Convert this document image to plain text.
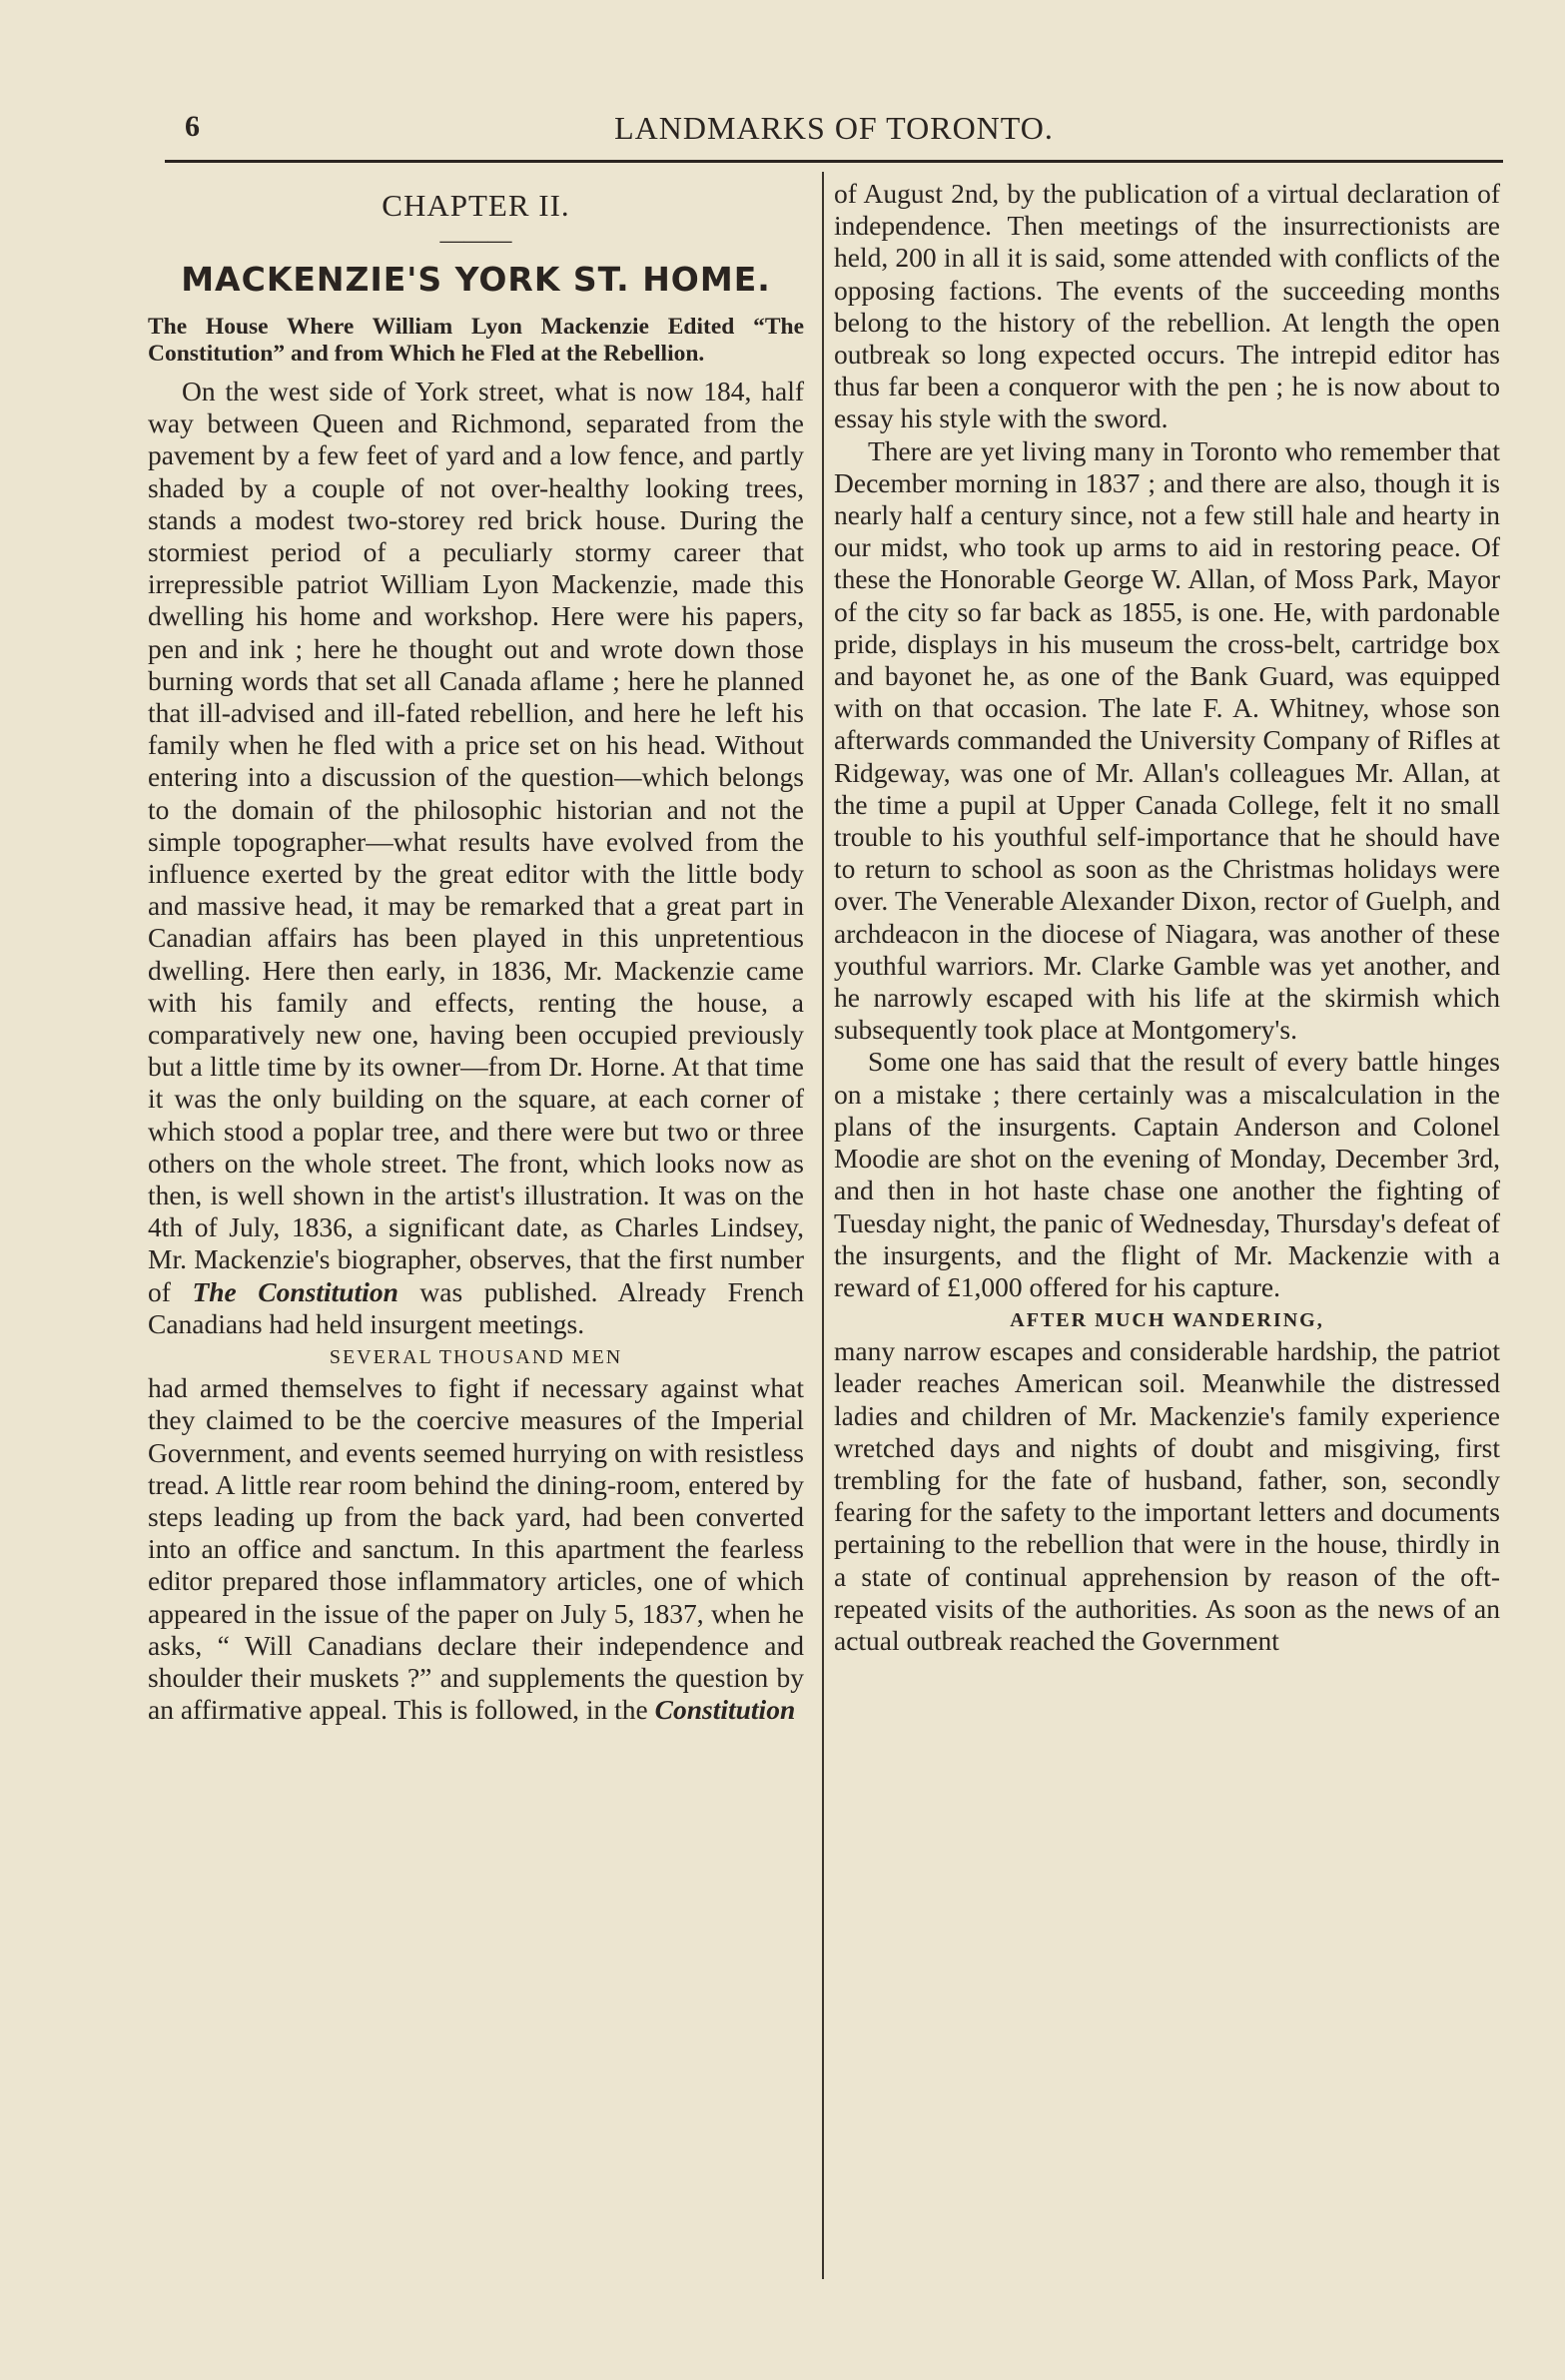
6	LANDMARKS OF TORONTO.

CHAPTER II.

———

MACKENZIE'S YORK ST. HOME.

The House Where William Lyon Mackenzie Edited “The Constitution” and from Which he Fled at the Rebellion.

On the west side of York street, what is now 184, half way between Queen and Richmond, separated from the pavement by a few feet of yard and a low fence, and partly shaded by a couple of not over-healthy looking trees, stands a modest two-storey red brick house. During the stormiest period of a peculiarly stormy career that irrepressible patriot William Lyon Mackenzie, made this dwelling his home and workshop. Here were his papers, pen and ink ; here he thought out and wrote down those burning words that set all Canada aflame ; here he planned that ill-advised and ill-fated rebellion, and here he left his family when he fled with a price set on his head. Without entering into a discussion of the question—which belongs to the domain of the philosophic historian and not the simple topographer—what results have evolved from the influence exerted by the great editor with the little body and massive head, it may be remarked that a great part in Canadian affairs has been played in this unpretentious dwelling. Here then early, in 1836, Mr. Mackenzie came with his family and effects, renting the house, a comparatively new one, having been occupied previously but a little time by its owner—from Dr. Horne. At that time it was the only building on the square, at each corner of which stood a poplar tree, and there were but two or three others on the whole street. The front, which looks now as then, is well shown in the artist's illustration. It was on the 4th of July, 1836, a significant date, as Charles Lindsey, Mr. Mackenzie's biographer, observes, that the first number of The Constitution was published. Already French Canadians had held insurgent meetings.

SEVERAL THOUSAND MEN

had armed themselves to fight if necessary against what they claimed to be the coercive measures of the Imperial Government, and events seemed hurrying on with resistless tread. A little rear room behind the dining-room, entered by steps leading up from the back yard, had been converted into an office and sanctum. In this apartment the fearless editor prepared those inflammatory articles, one of which appeared in the issue of the paper on July 5, 1837, when he asks, “ Will Canadians declare their independence and shoulder their muskets ?” and supplements the question by an affirmative appeal. This is followed, in the Constitution

of August 2nd, by the publication of a virtual declaration of independence. Then meetings of the insurrectionists are held, 200 in all it is said, some attended with conflicts of the opposing factions. The events of the succeeding months belong to the history of the rebellion. At length the open outbreak so long expected occurs. The intrepid editor has thus far been a conqueror with the pen ; he is now about to essay his style with the sword.

There are yet living many in Toronto who remember that December morning in 1837 ; and there are also, though it is nearly half a century since, not a few still hale and hearty in our midst, who took up arms to aid in restoring peace. Of these the Honorable George W. Allan, of Moss Park, Mayor of the city so far back as 1855, is one. He, with pardonable pride, displays in his museum the cross-belt, cartridge box and bayonet he, as one of the Bank Guard, was equipped with on that occasion. The late F. A. Whitney, whose son afterwards commanded the University Company of Rifles at Ridgeway, was one of Mr. Allan's colleagues Mr. Allan, at the time a pupil at Upper Canada College, felt it no small trouble to his youthful self-importance that he should have to return to school as soon as the Christmas holidays were over. The Venerable Alexander Dixon, rector of Guelph, and archdeacon in the diocese of Niagara, was another of these youthful warriors. Mr. Clarke Gamble was yet another, and he narrowly escaped with his life at the skirmish which subsequently took place at Montgomery's.

Some one has said that the result of every battle hinges on a mistake ; there certainly was a miscalculation in the plans of the insurgents. Captain Anderson and Colonel Moodie are shot on the evening of Monday, December 3rd, and then in hot haste chase one another the fighting of Tuesday night, the panic of Wednesday, Thursday's defeat of the insurgents, and the flight of Mr. Mackenzie with a reward of £1,000 offered for his capture.

AFTER MUCH WANDERING,

many narrow escapes and considerable hardship, the patriot leader reaches American soil. Meanwhile the distressed ladies and children of Mr. Mackenzie's family experience wretched days and nights of doubt and misgiving, first trembling for the fate of husband, father, son, secondly fearing for the safety to the important letters and documents pertaining to the rebellion that were in the house, thirdly in a state of continual apprehension by reason of the oft-repeated visits of the authorities. As soon as the news of an actual outbreak reached the Government
